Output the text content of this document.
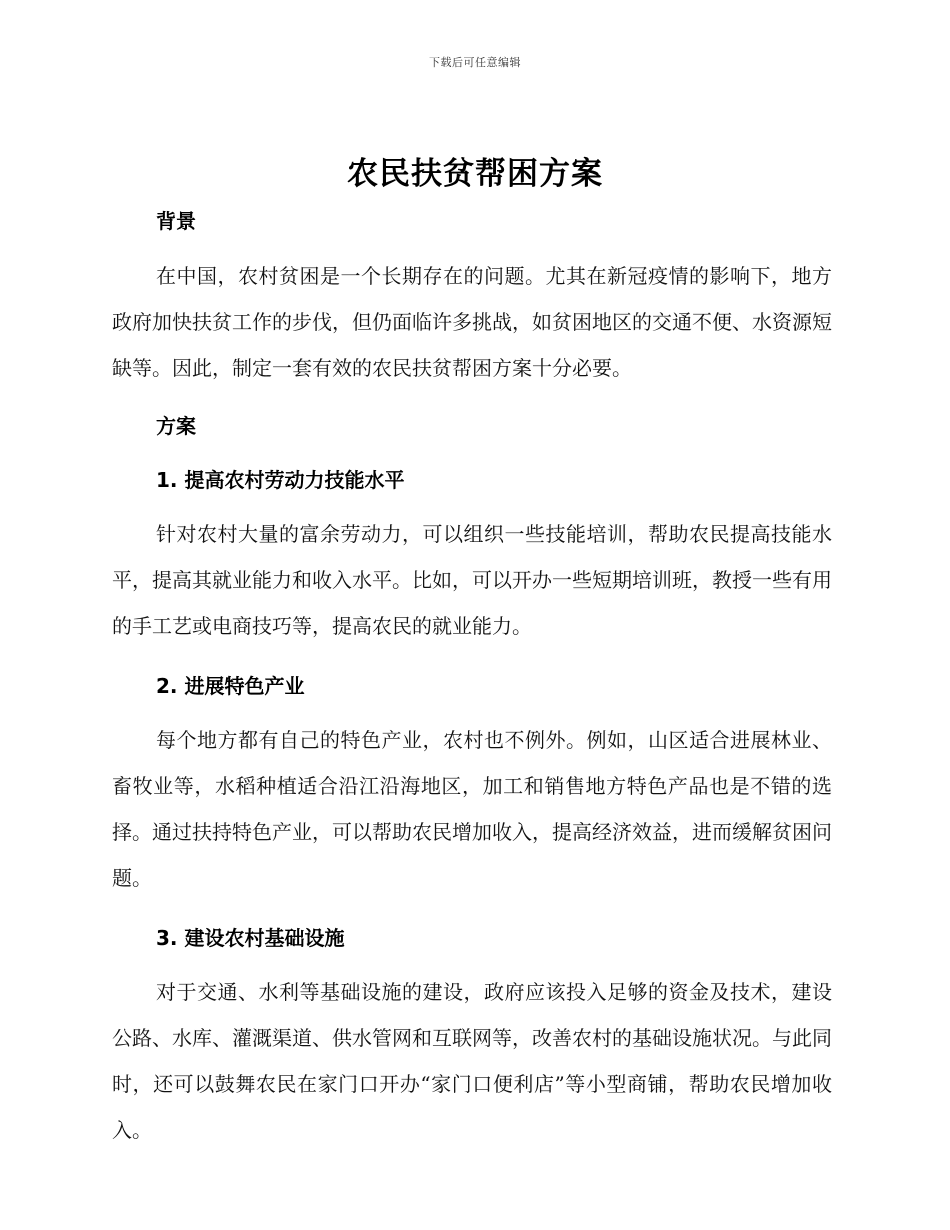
下载后可任意编辑
农民扶贫帮困方案
背景

在中国，农村贫困是一个长期存在的问题。尤其在新冠疫情的影响下，地方政府加快扶贫工作的步伐，但仍面临许多挑战，如贫困地区的交通不便、水资源短缺等。因此，制定一套有效的农民扶贫帮困方案十分必要。

方案
1. 提高农村劳动力技能水平

针对农村大量的富余劳动力，可以组织一些技能培训，帮助农民提高技能水平，提高其就业能力和收入水平。比如，可以开办一些短期培训班，教授一些有用的手工艺或电商技巧等，提高农民的就业能力。

2. 进展特色产业

每个地方都有自己的特色产业，农村也不例外。例如，山区适合进展林业、畜牧业等，水稻种植适合沿江沿海地区，加工和销售地方特色产品也是不错的选择。通过扶持特色产业，可以帮助农民增加收入，提高经济效益，进而缓解贫困问题。

3. 建设农村基础设施

对于交通、水利等基础设施的建设，政府应该投入足够的资金及技术，建设公路、水库、灌溉渠道、供水管网和互联网等，改善农村的基础设施状况。与此同时，还可以鼓舞农民在家门口开办“家门口便利店”等小型商铺，帮助农民增加收入。
